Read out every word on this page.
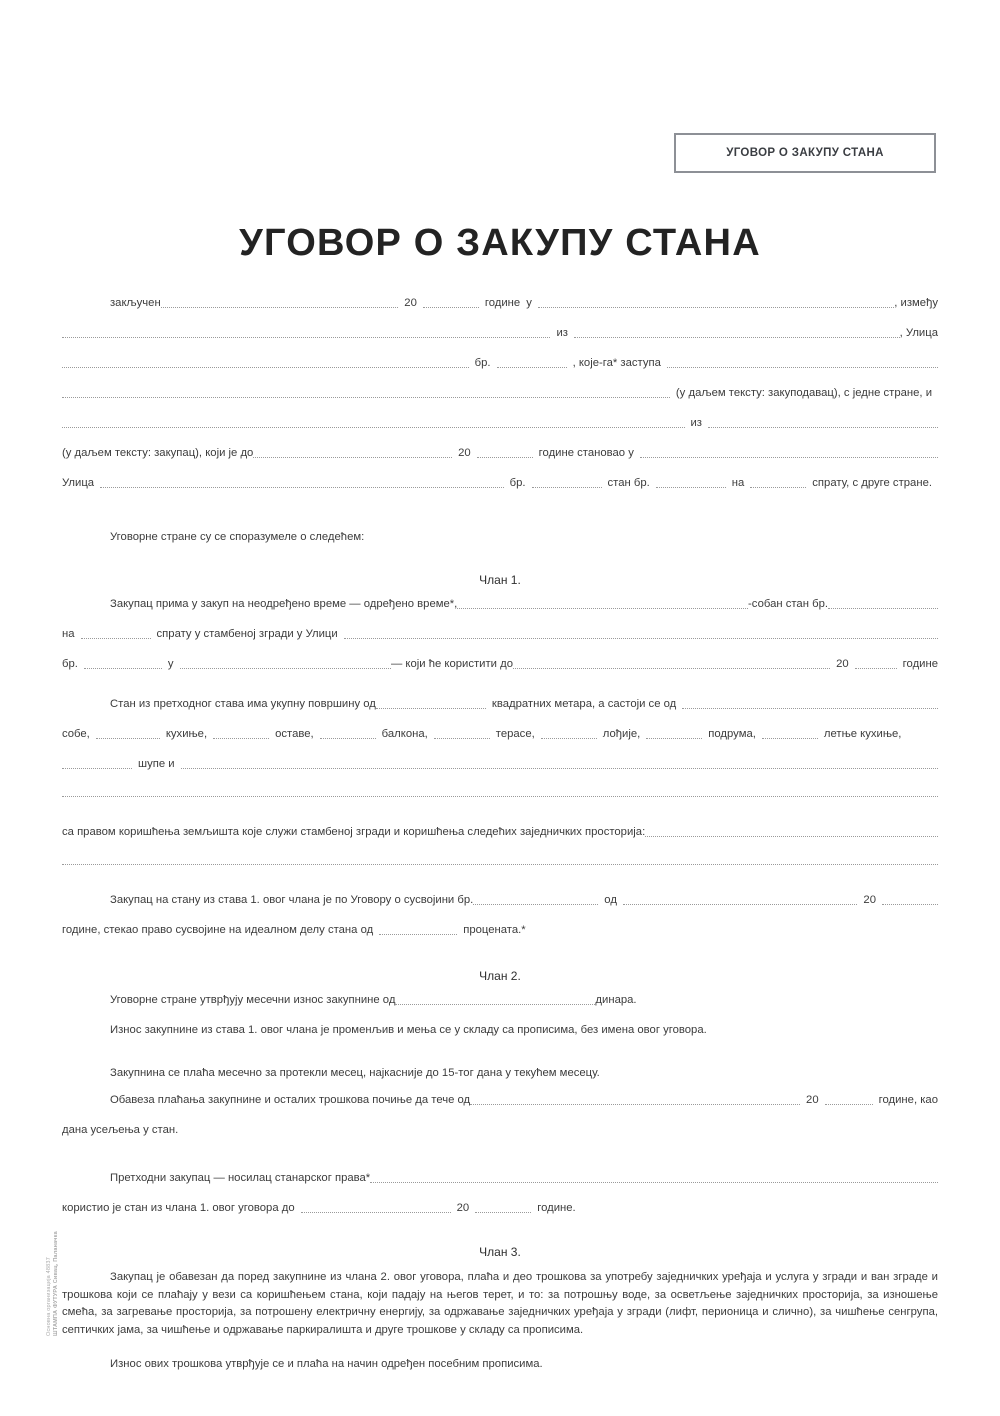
УГОВОР О ЗАКУПУ СТАНА
УГОВОР О ЗАКУПУ СТАНА
закључен	20	године у	, између
из	, Улица
бр.	, које-га* заступа
(у даљем тексту: закуподавац), с једне стране, и
из
(у даљем тексту: закупац), који је до	20	године становао у
Улица	бр.	стан бр.	на	спрату, с друге стране.
Уговорне стране су се споразумеле о следећем:
Члан 1.
Закупац прима у закуп на неодређено време — одређено време*,	-собан стан бр.
на	спрату у стамбеној згради у Улици
бр.	у	— који ће користити до	20	године
Стан из претходног става има укупну површину од	квадратних метара, а састоји се од
собе,	кухиње,	оставе,	балкона,	терасе,	лођије,	подрума,	летње кухиње,
шупе и
са правом коришћења земљишта које служи стамбеној згради и коришћења следећих заједничких просторија:
Закупац на стану из става 1. овог члана је по Уговору о сусвојини бр.	од	20
године, стекао право сусвојине на идеалном делу стана од	процената.*
Члан 2.
Уговорне стране утврђују месечни износ закупнине од	динара.
Износ закупнине из става 1. овог члана је променљив и мења се у складу са прописима, без имена овог уговора.
Закупнина се плаћа месечно за протекли месец, најкасније до 15-тог дана у текућем месецу.
Обавеза плаћања закупнине и осталих трошкова почиње да тече од	20	године, као
дана усељења у стан.
Претходни закупац — носилац станарског права*
користио је стан из члана 1. овог уговора до	20	године.
Члан 3.
Закупац је обавезан да поред закупнине из члана 2. овог уговора, плаћа и део трошкова за употребу заједничких уређаја и услуга у згради и ван зграде и трошкова који се плаћају у вези са коришћењем стана, који падају на његов терет, и то: за потрошњу воде, за осветљење заједничких просторија, за изношење смећа, за загревање просторија, за потрошену електричну енергију, за одржавање заједничких уређаја у згради (лифт, перионица и слично), за чишћење сенгрупа, септичких јама, за чишћење и одржавање паркиралишта и друге трошкове у складу са прописима.
Износ ових трошкова утврђује се и плаћа на начин одређен посебним прописима.
Основна организација 48837 ШТАМПА ФУТУРА Сивац, Паланачка
